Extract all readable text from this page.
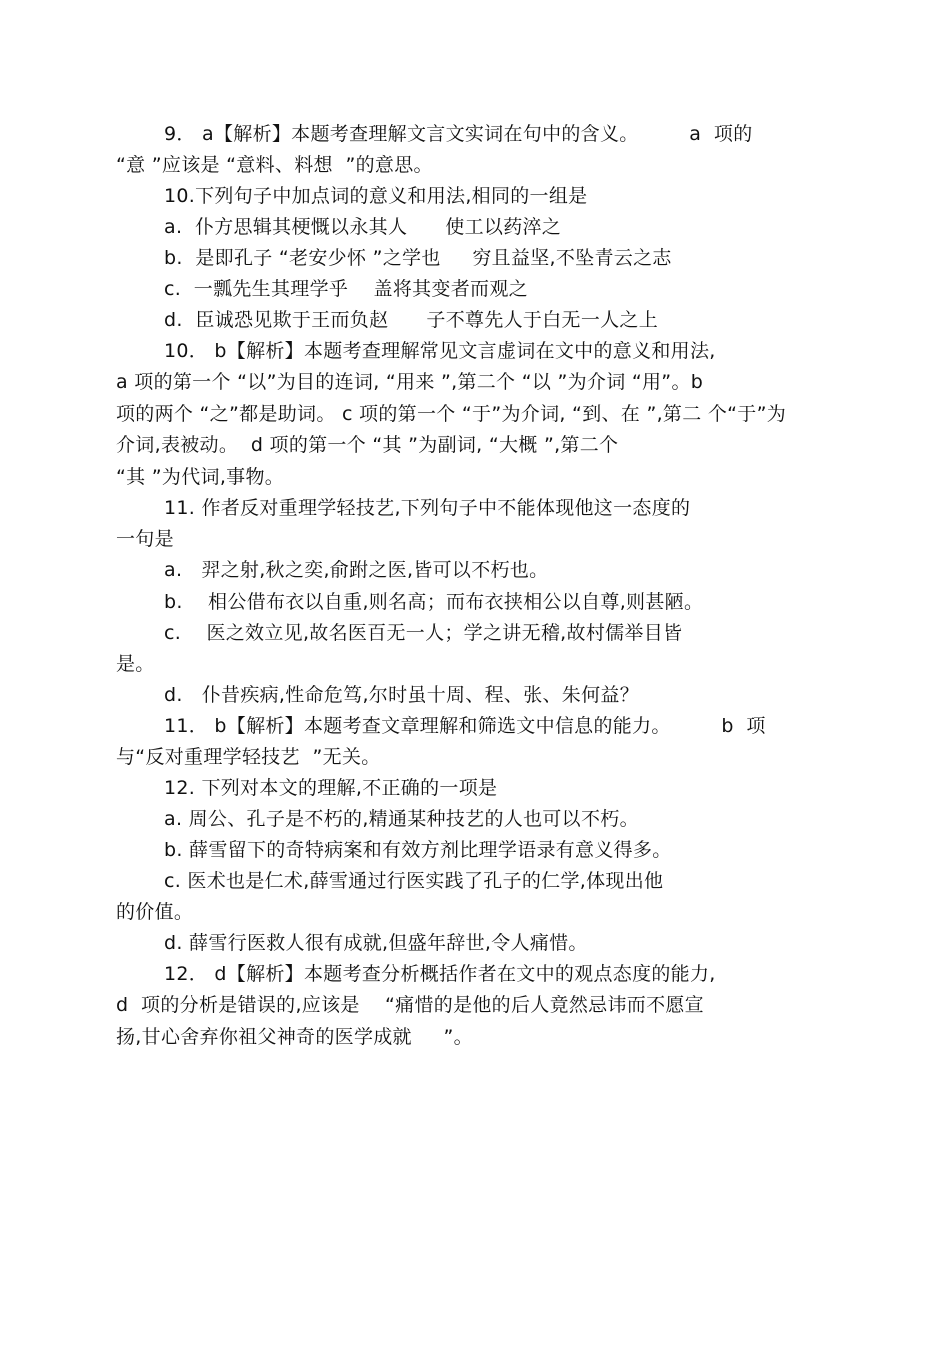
9． a【解析】本题考查理解文言文实词在句中的含义。        a  项的
“意 ”应该是 “意料、料想  ”的意思。
10.下列句子中加点词的意义和用法,相同的一组是
a.  仆方思辑其梗慨以永其人      使工以药淬之
b.  是即孔子 “老安少怀 ”之学也     穷且益坚,不坠青云之志
c.  一瓢先生其理学乎    盖将其变者而观之
d.  臣诚恐见欺于王而负赵      子不尊先人于白无一人之上
10． b【解析】本题考查理解常见文言虚词在文中的意义和用法,
a 项的第一个 “以”为目的连词, “用来 ”,第二个 “以 ”为介词 “用”。b
项的两个 “之”都是助词。 c 项的第一个 “于”为介词, “到、在 ”,第二 个“于”为
介词,表被动。  d 项的第一个 “其 ”为副词, “大概 ”,第二个
“其 ”为代词,事物。
11. 作者反对重理学轻技艺,下列句子中不能体现他这一态度的
一句是
a.   羿之射,秋之奕,俞跗之医,皆可以不朽也。
b.    相公借布衣以自重,则名高；而布衣挟相公以自尊,则甚陋。
c.    医之效立见,故名医百无一人；学之讲无稽,故村儒举目皆
是。
d.   仆昔疾病,性命危笃,尔时虽十周、程、张、朱何益？
11． b【解析】本题考查文章理解和筛选文中信息的能力。        b  项
与“反对重理学轻技艺  ”无关。
12. 下列对本文的理解,不正确的一项是
a. 周公、孔子是不朽的,精通某种技艺的人也可以不朽。
b. 薛雪留下的奇特病案和有效方剂比理学语录有意义得多。
c. 医术也是仁术,薛雪通过行医实践了孔子的仁学,体现出他
的价值。
d. 薛雪行医救人很有成就,但盛年辞世,令人痛惜。
12． d【解析】本题考查分析概括作者在文中的观点态度的能力,
d  项的分析是错误的,应该是    “痛惜的是他的后人竟然忌讳而不愿宣
扬,甘心舍弃你祖父神奇的医学成就     ”。
